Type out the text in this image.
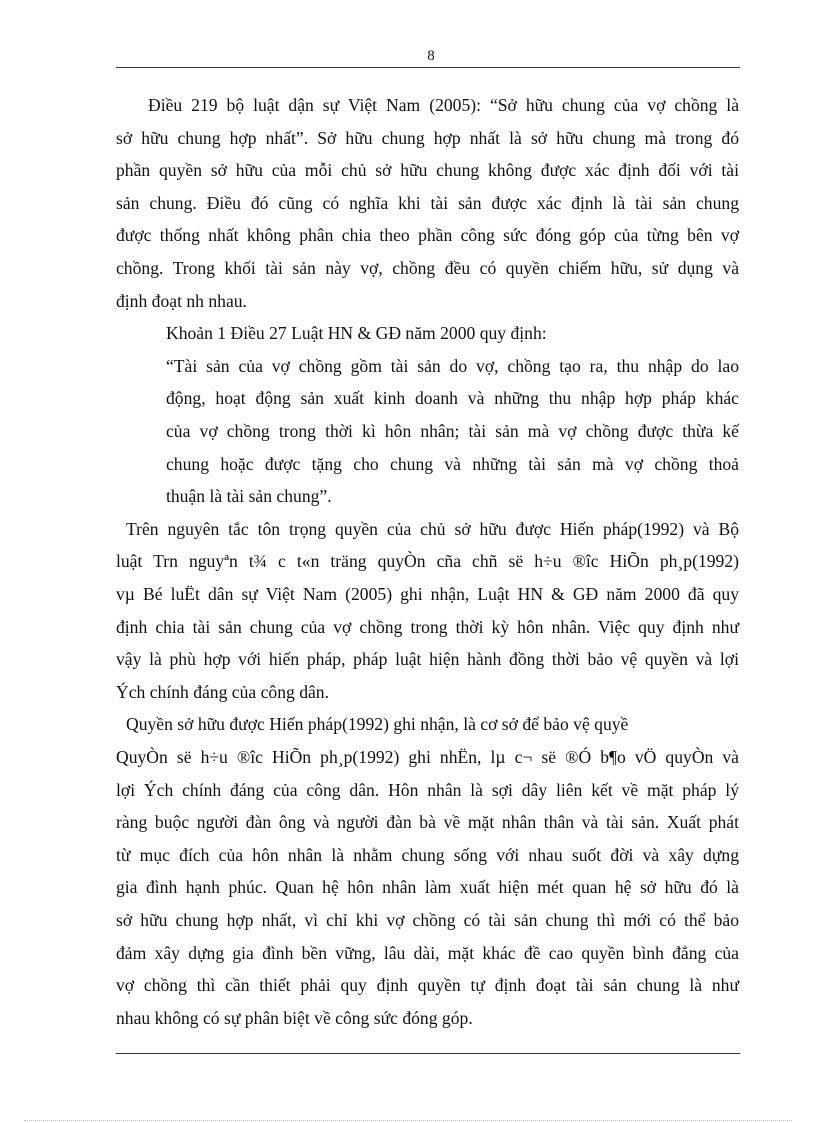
8
Điều 219 bộ luật dận sự Việt Nam (2005): “Sở hữu chung của vợ chồng là
sở hữu chung hợp nhất”. Sở hữu chung hợp nhất là sở hữu chung mà trong đó
phần quyền sở hữu của mỗi chủ sở hữu chung không được xác định đối với tài
sản chung. Điều đó cũng có nghĩa khi tài sản được xác định là tài sản chung
được thống nhất không phân chia theo phần công sức đóng góp của từng bên vợ
chồng. Trong khối tài sản này vợ, chồng đều có quyền chiếm hữu, sử dụng và
định đoạt nh nhau.
Khoản 1 Điều 27 Luật HN & GĐ năm 2000 quy định:
“Tài sản của vợ chồng gồm tài sản do vợ, chồng tạo ra, thu nhập do lao
động, hoạt động sản xuất kinh doanh và những thu nhập hợp pháp khác
của vợ chồng trong thời kì hôn nhân; tài sản mà vợ chồng được thừa kế
chung hoặc được tặng cho chung và những tài sản mà vợ chồng thoả
thuận là tài sản chung”.
Trên nguyên tắc tôn trọng quyền của chủ sở hữu được Hiến pháp(1992) và Bộ
luật Trn nguyªn t¾ c t«n träng quyÒn cña chñ së h÷u ®îc HiÕn ph¸p(1992)
vµ Bé luËt dân sự Việt Nam (2005) ghi nhận, Luật HN & GĐ năm 2000 đã quy
định chia tài sản chung của vợ chồng trong thời kỳ hôn nhân. Việc quy định như
vậy là phù hợp với hiến pháp, pháp luật hiện hành đồng thời bảo vệ quyền và lợi
Ých chính đáng của công dân.
Quyền sở hữu được Hiến pháp(1992) ghi nhận, là cơ sở để bảo vệ quyề
QuyÒn së h÷u ®îc HiÕn ph¸p(1992) ghi nhËn, lµ c¬ së ®Ó b¶o vÖ quyÒn và
lợi Ých chính đáng của công dân. Hôn nhân là sợi dây liên kết về mặt pháp lý
ràng buộc người đàn ông và người đàn bà về mặt nhân thân và tài sản. Xuất phát
từ mục đích của hôn nhân là nhằm chung sống với nhau suốt đời và xây dựng
gia đình hạnh phúc. Quan hệ hôn nhân làm xuất hiện mét quan hệ sở hữu đó là
sở hữu chung hợp nhất, vì chỉ khi vợ chồng có tài sản chung thì mới có thể bảo
đảm xây dựng gia đình bền vững, lâu dài, mặt khác đề cao quyền bình đẳng của
vợ chồng thì cần thiết phải quy định quyền tự định đoạt tài sản chung là như
nhau không có sự phân biệt về công sức đóng góp.
